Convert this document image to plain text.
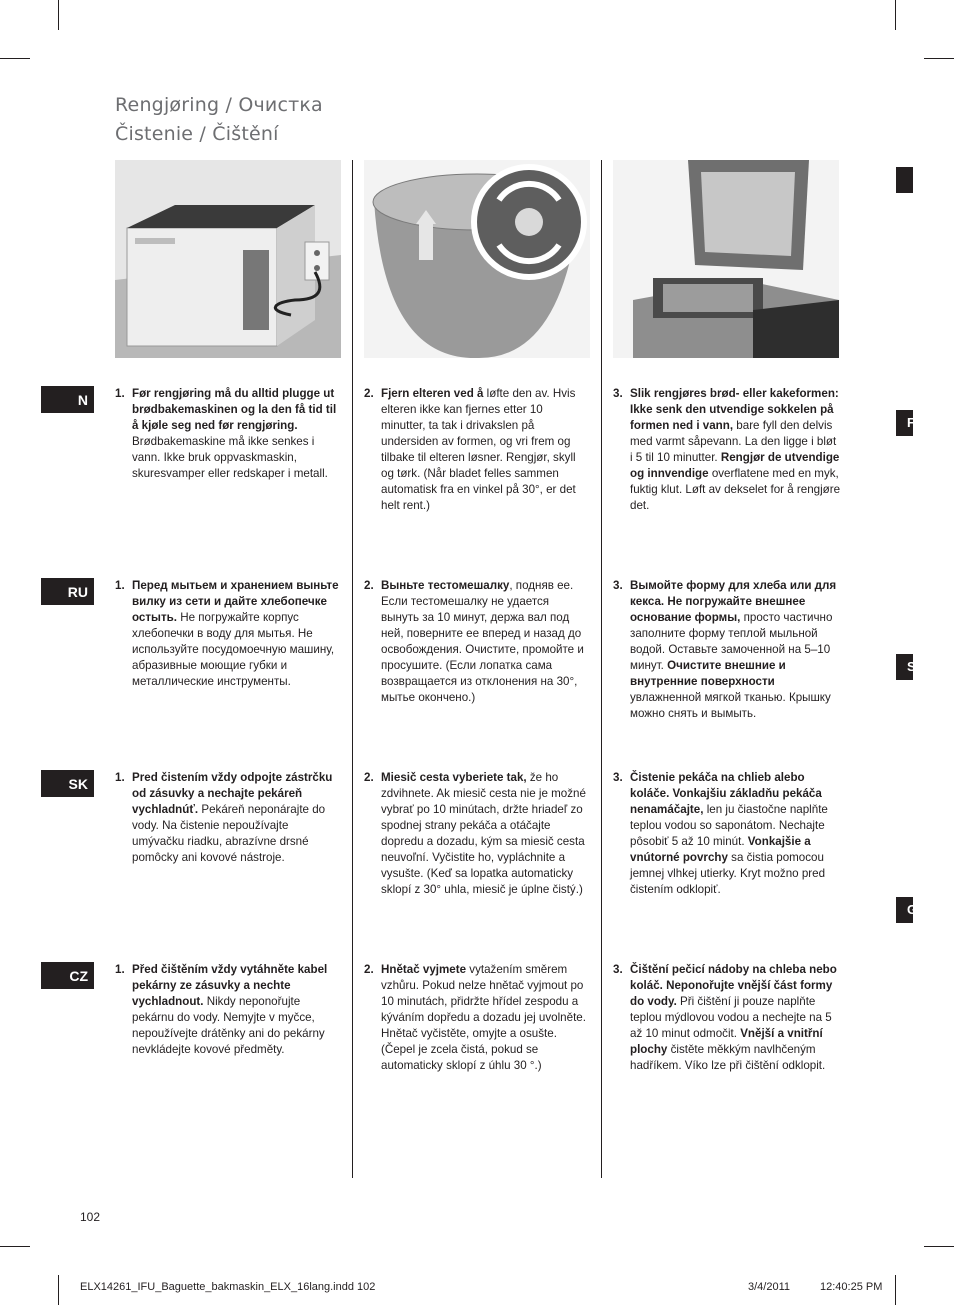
Rengjøring / Очистка
Čistenie / Čištění
F
S
G
N	1. Før rengjøring må du alltid plugge ut brødbakemaskinen og la den få tid til å kjøle seg ned før rengjøring. Brødbakemaskine må ikke senkes i vann. Ikke bruk oppvaskmaskin, skuresvamper eller redskaper i metall.
2. Fjern elteren ved å løfte den av. Hvis elteren ikke kan fjernes etter 10 minutter, ta tak i drivakslen på undersiden av formen, og vri frem og tilbake til elteren løsner. Rengjør, skyll og tørk. (Når bladet felles sammen automatisk fra en vinkel på 30°, er det helt rent.)
3. Slik rengjøres brød- eller kakeformen: Ikke senk den utvendige sokkelen på formen ned i vann, bare fyll den delvis med varmt såpevann. La den ligge i bløt i 5 til 10 minutter. Rengjør de utvendige og innvendige overflatene med en myk, fuktig klut. Løft av dekselet for å rengjøre det.
RU	1. Перед мытьем и хранением выньте вилку из сети и дайте хлебопечке остыть. Не погружайте корпус хлебопечки в воду для мытья. Не используйте посудомоечную машину, абразивные моющие губки и металлические инструменты.
2. Выньте тестомешалку, подняв ее. Если тестомешалку не удается вынуть за 10 минут, держа вал под ней, поверните ее вперед и назад до освобождения. Очистите, промойте и просушите. (Если лопатка сама возвращается из отклонения на 30°, мытье окончено.)
3. Вымойте форму для хлеба или для кекса. Не погружайте внешнее основание формы, просто частично заполните форму теплой мыльной водой. Оставьте замоченной на 5–10 минут. Очистите внешние и внутренние поверхности увлажненной мягкой тканью. Крышку можно снять и вымыть.
SK	1. Pred čistením vždy odpojte zástrčku od zásuvky a nechajte pekáreň vychladnúť. Pekáreň neponárajte do vody. Na čistenie nepoužívajte umývačku riadku, abrazívne drsné pomôcky ani kovové nástroje.
2. Miesič cesta vyberiete tak, že ho zdvihnete. Ak miesič cesta nie je možné vybrať po 10 minútach, držte hriadeľ zo spodnej strany pekáča a otáčajte dopredu a dozadu, kým sa miesič cesta neuvoľní. Vyčistite ho, vypláchnite a vysušte. (Keď sa lopatka automaticky sklopí z 30° uhla, miesič je úplne čistý.)
3. Čistenie pekáča na chlieb alebo koláče. Vonkajšiu základňu pekáča nenamáčajte, len ju čiastočne naplňte teplou vodou so saponátom. Nechajte pôsobiť 5 až 10 minút. Vonkajšie a vnútorné povrchy sa čistia pomocou jemnej vlhkej utierky. Kryt možno pred čistením odklopiť.
CZ	1. Před čištěním vždy vytáhněte kabel pekárny ze zásuvky a nechte vychladnout. Nikdy neponořujte pekárnu do vody. Nemyjte v myčce, nepoužívejte drátěnky ani do pekárny nevkládejte kovové předměty.
2. Hnětač vyjmete vytažením směrem vzhůru. Pokud nelze hnětač vyjmout po 10 minutách, přidržte hřídel zespodu a kýváním dopředu a dozadu jej uvolněte. Hnětač vyčistěte, omyjte a osušte. (Čepel je zcela čistá, pokud se automaticky sklopí z úhlu 30 °.)
3. Čištění pečicí nádoby na chleba nebo koláč. Neponořujte vnější část formy do vody. Při čištění ji pouze naplňte teplou mýdlovou vodou a nechejte na 5 až 10 minut odmočit. Vnější a vnitřní plochy čistěte měkkým navlhčeným hadříkem. Víko lze při čištění odklopit.
102
ELX14261_IFU_Baguette_bakmaskin_ELX_16lang.indd 102	3/4/2011	12:40:25 PM
